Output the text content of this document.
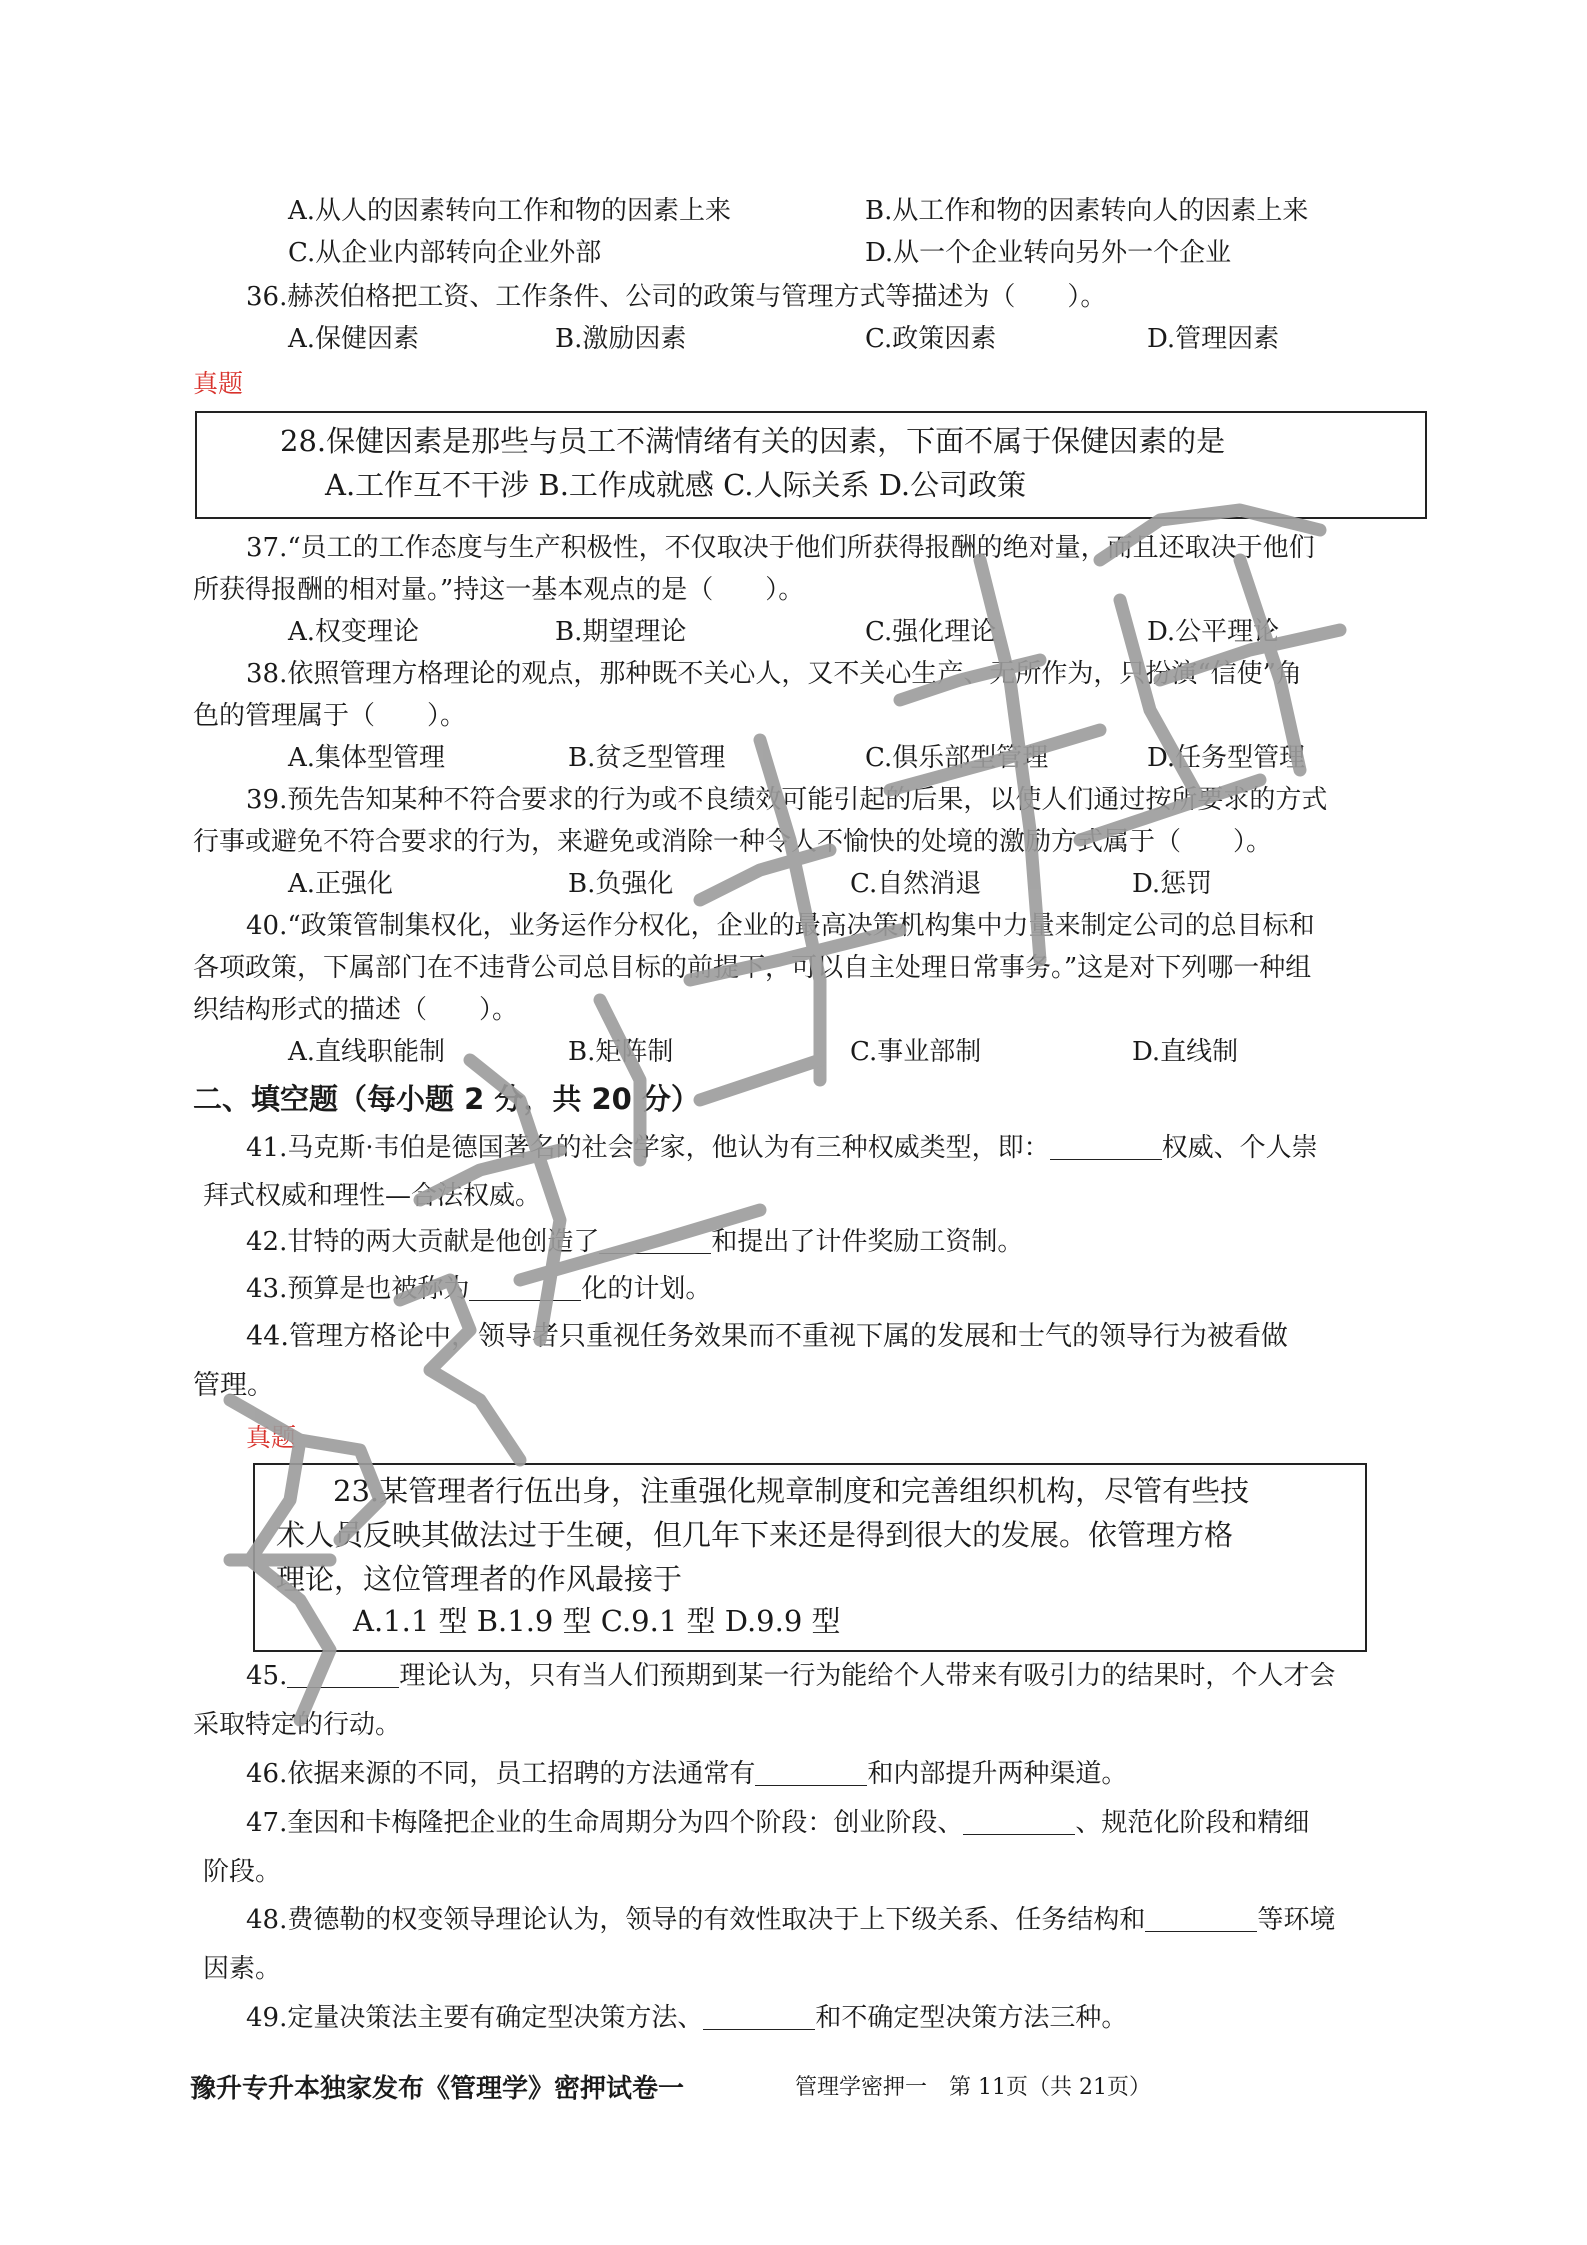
A.从人的因素转向工作和物的因素上来	B.从工作和物的因素转向人的因素上来
C.从企业内部转向企业外部	D.从一个企业转向另外一个企业
36.赫茨伯格把工资、工作条件、公司的政策与管理方式等描述为（　　）。
A.保健因素	B.激励因素	C.政策因素	D.管理因素
真题
28.保健因素是那些与员工不满情绪有关的因素，下面不属于保健因素的是
A.工作互不干涉 B.工作成就感 C.人际关系 D.公司政策
37.“员工的工作态度与生产积极性，不仅取决于他们所获得报酬的绝对量，而且还取决于他们
所获得报酬的相对量。”持这一基本观点的是（　　）。
A.权变理论	B.期望理论	C.强化理论	D.公平理论
38.依照管理方格理论的观点，那种既不关心人，又不关心生产、无所作为，只扮演“信使”角
色的管理属于（　　）。
A.集体型管理	B.贫乏型管理	C.俱乐部型管理	D.任务型管理
39.预先告知某种不符合要求的行为或不良绩效可能引起的后果，以使人们通过按所要求的方式
行事或避免不符合要求的行为，来避免或消除一种令人不愉快的处境的激励方式属于（　　）。
A.正强化	B.负强化	C.自然消退	D.惩罚
40.“政策管制集权化，业务运作分权化，企业的最高决策机构集中力量来制定公司的总目标和
各项政策，下属部门在不违背公司总目标的前提下，可以自主处理日常事务。”这是对下列哪一种组
织结构形式的描述（　　）。
A.直线职能制	B.矩阵制	C.事业部制	D.直线制
二、填空题（每小题 2 分，共 20 分）
41.马克斯·韦伯是德国著名的社会学家，他认为有三种权威类型，即：	权威、个人崇
拜式权威和理性—合法权威。
42.甘特的两大贡献是他创造了	和提出了计件奖励工资制。
43.预算是也被称为	化的计划。
44.管理方格论中，领导者只重视任务效果而不重视下属的发展和士气的领导行为被看做
管理。
真题
23.某管理者行伍出身，注重强化规章制度和完善组织机构，尽管有些技
术人员反映其做法过于生硬，但几年下来还是得到很大的发展。依管理方格
理论，这位管理者的作风最接于
A.1.1 型 B.1.9 型 C.9.1 型 D.9.9 型
45.	理论认为，只有当人们预期到某一行为能给个人带来有吸引力的结果时，个人才会
采取特定的行动。
46.依据来源的不同，员工招聘的方法通常有	和内部提升两种渠道。
47.奎因和卡梅隆把企业的生命周期分为四个阶段：创业阶段、	、规范化阶段和精细
阶段。
48.费德勒的权变领导理论认为，领导的有效性取决于上下级关系、任务结构和	等环境
因素。
49.定量决策法主要有确定型决策方法、	和不确定型决策方法三种。
豫升专升本独家发布《管理学》密押试卷一	管理学密押一　第 11页（共 21页）
